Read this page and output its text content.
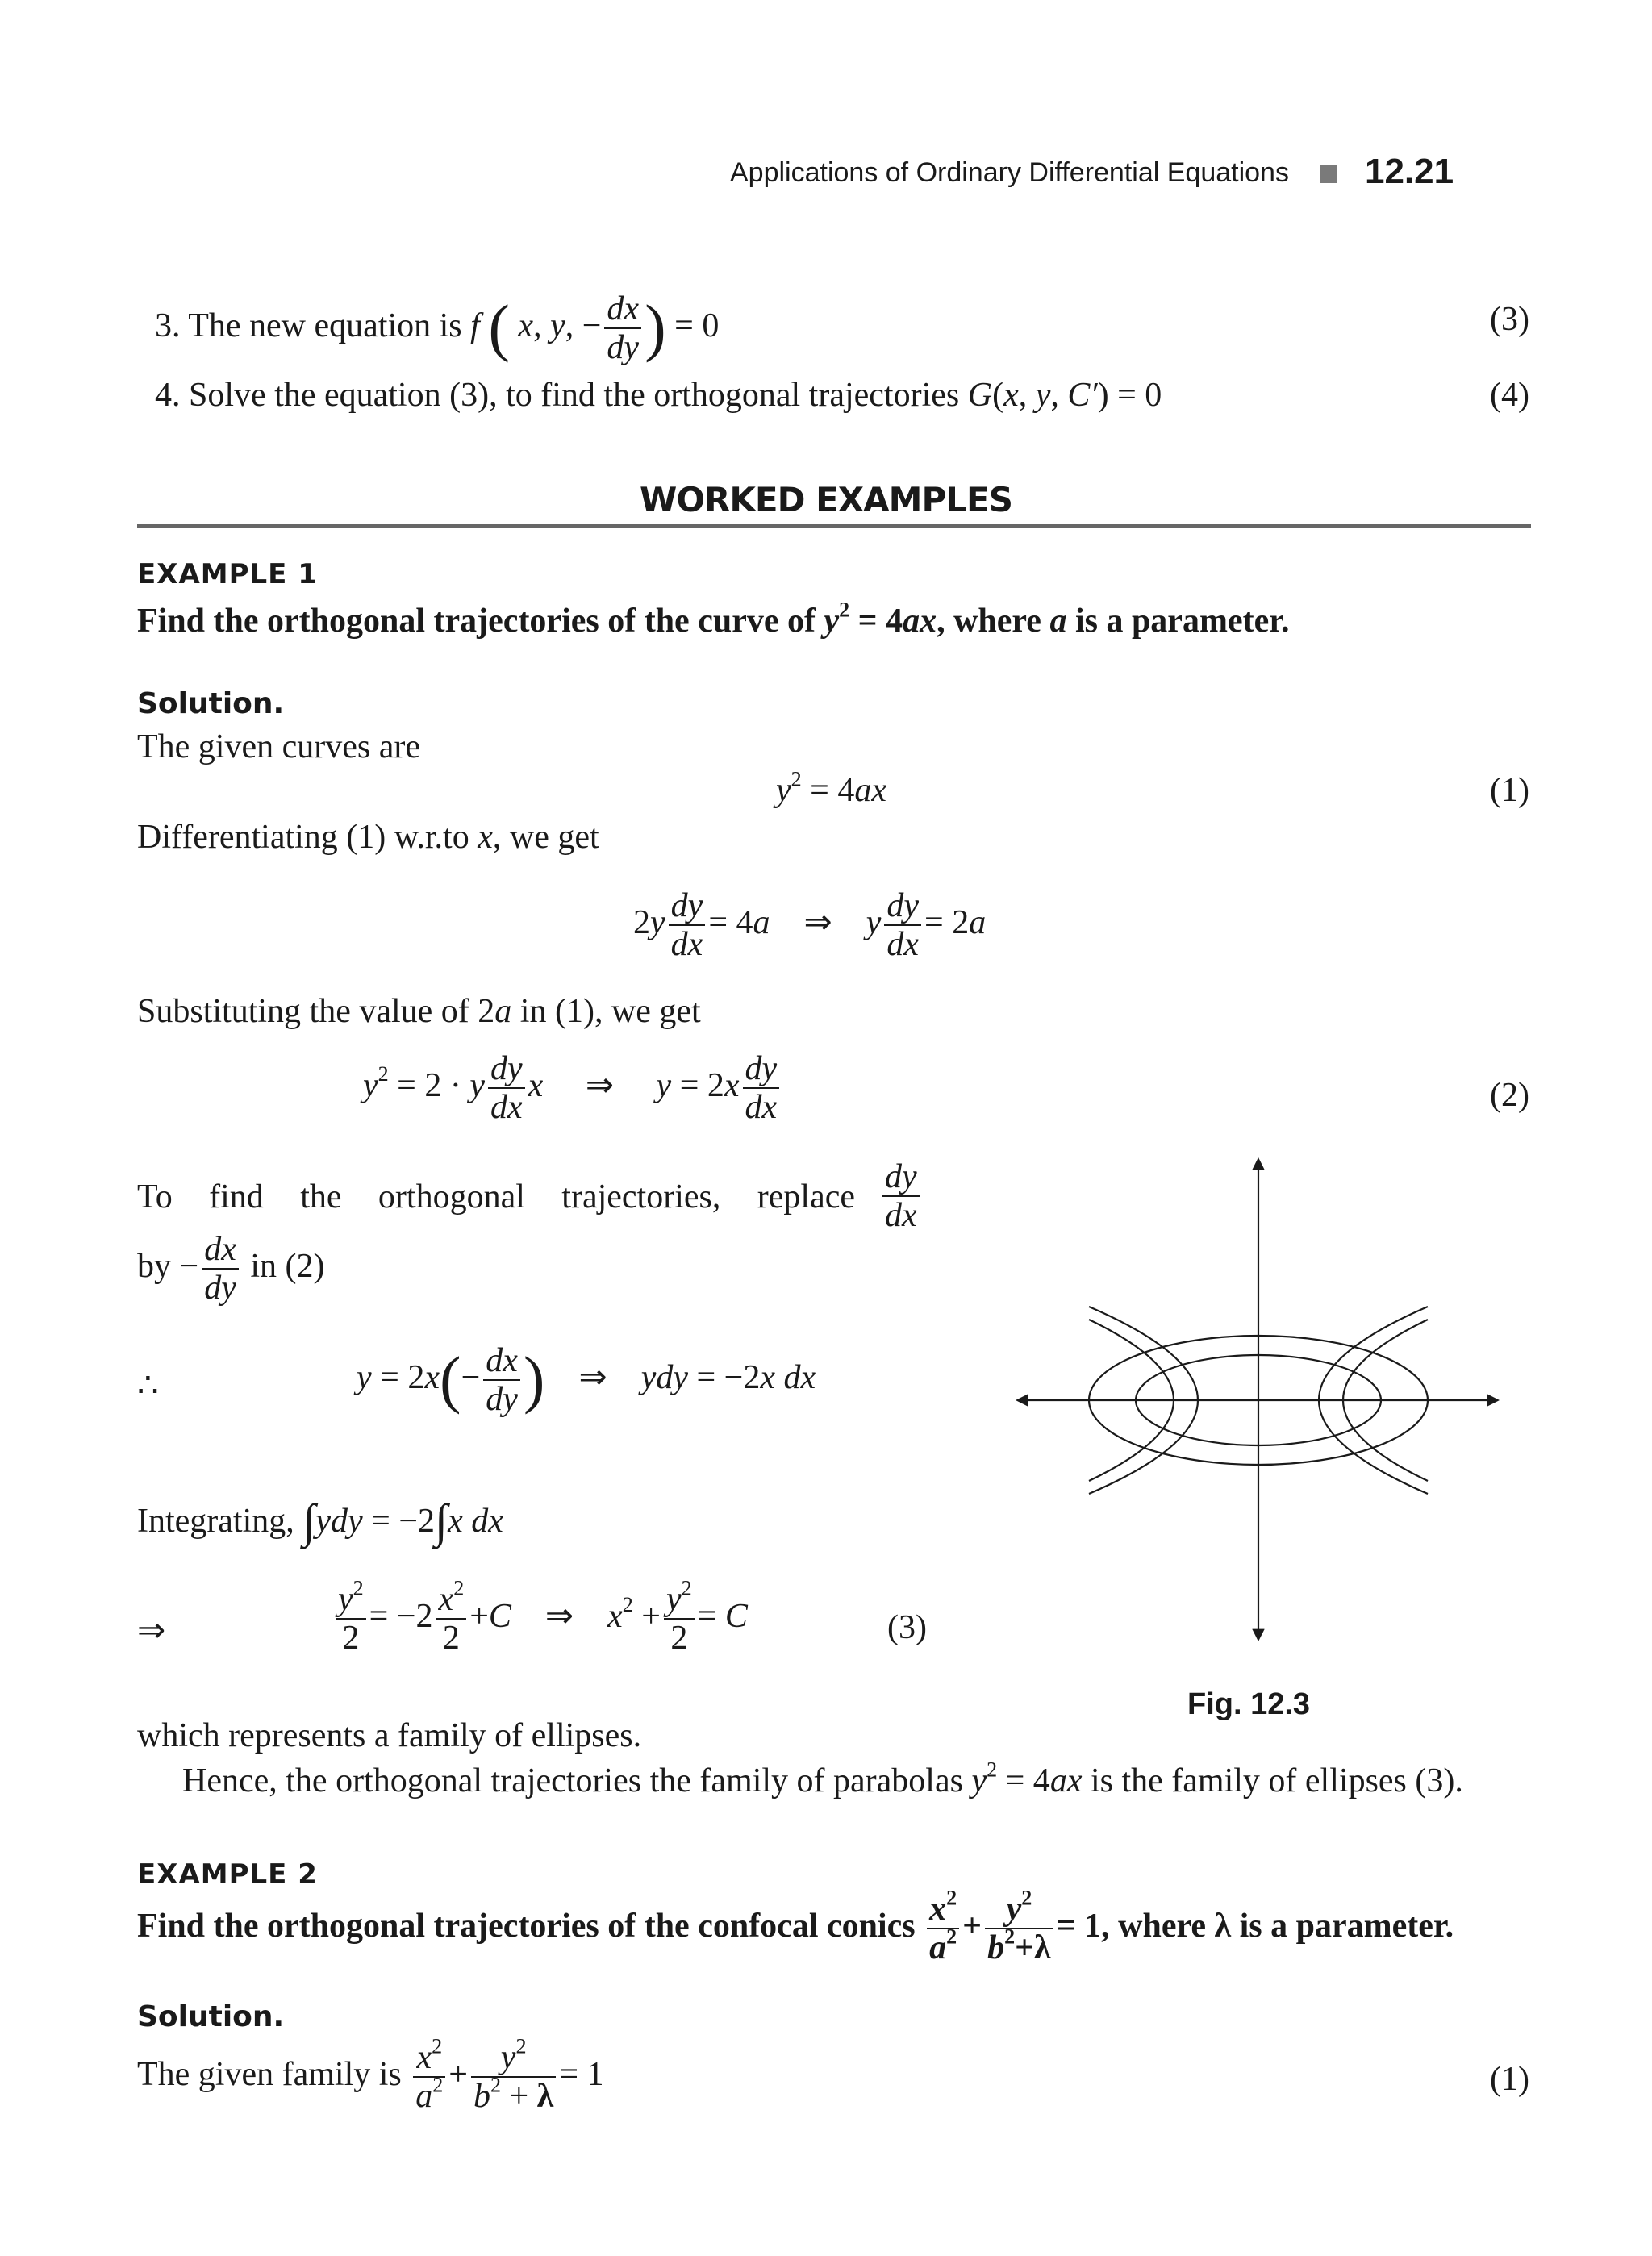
Applications of Ordinary Differential Equations 12.21
3. The new equation is f ( x, y, − $\frac{dx}{dy}$ ) = 0	(3)
4. Solve the equation (3), to find the orthogonal trajectories G(x, y, C′) = 0	(4)
WORKED EXAMPLES
EXAMPLE 1
Find the orthogonal trajectories of the curve of $y^2 = 4ax$, where a is a parameter.
Solution.
The given curves are
$y^2 = 4ax$	(1)
Differentiating (1) w.r.to x, we get
$2y \frac{dy}{dx} = 4a$    ⇒    y $\frac{dy}{dx} = 2a$
Substituting the value of 2a in (1), we get
$y^2 = 2 \cdot y \frac{dy}{dx}$ x     ⇒     $y = 2x \frac{dy}{dx}$	(2)
To find the orthogonal trajectories, replace $\frac{dy}{dx}$
by − $\frac{dx}{dy}$ in (2)
∴	$y = 2x(- \frac{dx}{dy}$ )    ⇒    ydy = −2x dx
Integrating, ∫ydy = −2∫x dx
⇒	$\frac{y^2}{2} = -2 \frac{x^2}{2} +C$    ⇒    $x^2 + \frac{y^2}{2} = C$	(3)
Fig. 12.3
which represents a family of ellipses.
Hence, the orthogonal trajectories the family of parabolas $y^2 = 4ax$ is the family of ellipses (3).
EXAMPLE 2
Find the orthogonal trajectories of the confocal conics $\frac{x^2}{a^2} + \frac{y^2}{b^2+\lambda} = 1$, where λ is a parameter.
Solution.
The given family is $\frac{x^2}{a^2} + \frac{y^2}{b^2 + \lambda} = 1$	(1)
